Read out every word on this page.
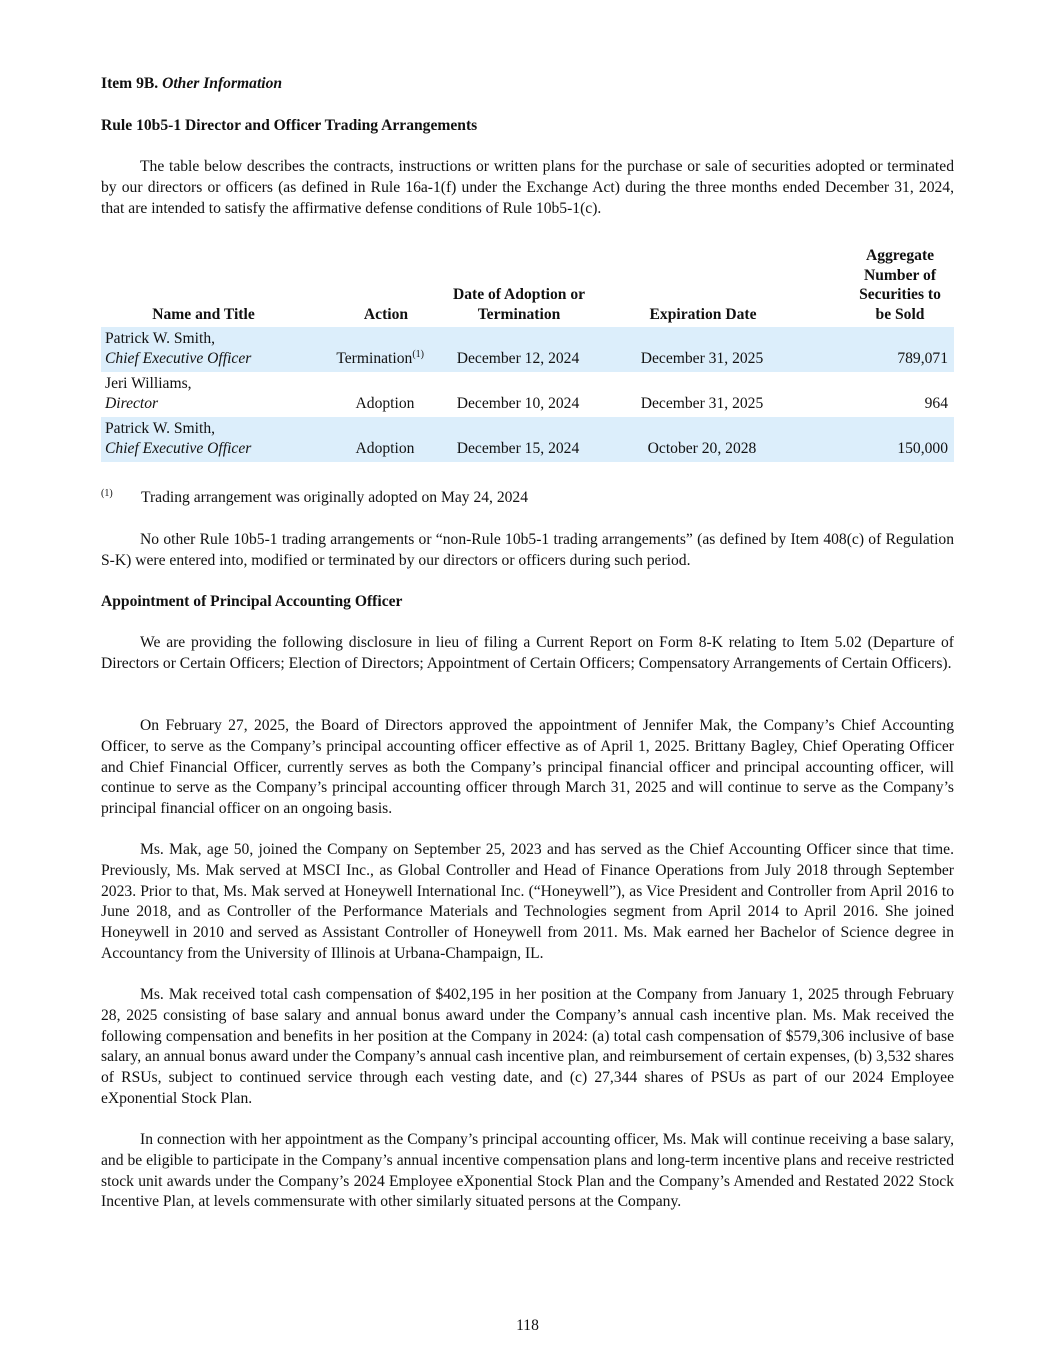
Item 9B. Other Information
Rule 10b5-1 Director and Officer Trading Arrangements

The table below describes the contracts, instructions or written plans for the purchase or sale of securities adopted or terminated by our directors or officers (as defined in Rule 16a-1(f) under the Exchange Act) during the three months ended December 31, 2024, that are intended to satisfy the affirmative defense conditions of Rule 10b5-1(c).

Name and Title	Action	Date of Adoption or Termination	Expiration Date	Aggregate Number of Securities to be Sold

Patrick W. Smith,
Chief Executive Officer	Termination$^{(1)}$	December 12, 2024	December 31, 2025	789,071

Jeri Williams,
Director	Adoption	December 10, 2024	December 31, 2025	964

Patrick W. Smith,
Chief Executive Officer	Adoption	December 15, 2024	October 20, 2028	150,000
(1) Trading arrangement was originally adopted on May 24, 2024

No other Rule 10b5-1 trading arrangements or “non-Rule 10b5-1 trading arrangements” (as defined by Item 408(c) of Regulation S-K) were entered into, modified or terminated by our directors or officers during such period.

Appointment of Principal Accounting Officer

We are providing the following disclosure in lieu of filing a Current Report on Form 8-K relating to Item 5.02 (Departure of Directors or Certain Officers; Election of Directors; Appointment of Certain Officers; Compensatory Arrangements of Certain Officers).

On February 27, 2025, the Board of Directors approved the appointment of Jennifer Mak, the Company’s Chief Accounting Officer, to serve as the Company’s principal accounting officer effective as of April 1, 2025. Brittany Bagley, Chief Operating Officer and Chief Financial Officer, currently serves as both the Company’s principal financial officer and principal accounting officer, will continue to serve as the Company’s principal accounting officer through March 31, 2025 and will continue to serve as the Company’s principal financial officer on an ongoing basis.

Ms. Mak, age 50, joined the Company on September 25, 2023 and has served as the Chief Accounting Officer since that time. Previously, Ms. Mak served at MSCI Inc., as Global Controller and Head of Finance Operations from July 2018 through September 2023. Prior to that, Ms. Mak served at Honeywell International Inc. (“Honeywell”), as Vice President and Controller from April 2016 to June 2018, and as Controller of the Performance Materials and Technologies segment from April 2014 to April 2016. She joined Honeywell in 2010 and served as Assistant Controller of Honeywell from 2011. Ms. Mak earned her Bachelor of Science degree in Accountancy from the University of Illinois at Urbana-Champaign, IL.

Ms. Mak received total cash compensation of $402,195 in her position at the Company from January 1, 2025 through February 28, 2025 consisting of base salary and annual bonus award under the Company’s annual cash incentive plan. Ms. Mak received the following compensation and benefits in her position at the Company in 2024: (a) total cash compensation of $579,306 inclusive of base salary, an annual bonus award under the Company’s annual cash incentive plan, and reimbursement of certain expenses, (b) 3,532 shares of RSUs, subject to continued service through each vesting date, and (c) 27,344 shares of PSUs as part of our 2024 Employee eXponential Stock Plan.

In connection with her appointment as the Company’s principal accounting officer, Ms. Mak will continue receiving a base salary, and be eligible to participate in the Company’s annual incentive compensation plans and long-term incentive plans and receive restricted stock unit awards under the Company’s 2024 Employee eXponential Stock Plan and the Company’s Amended and Restated 2022 Stock Incentive Plan, at levels commensurate with other similarly situated persons at the Company.

118
